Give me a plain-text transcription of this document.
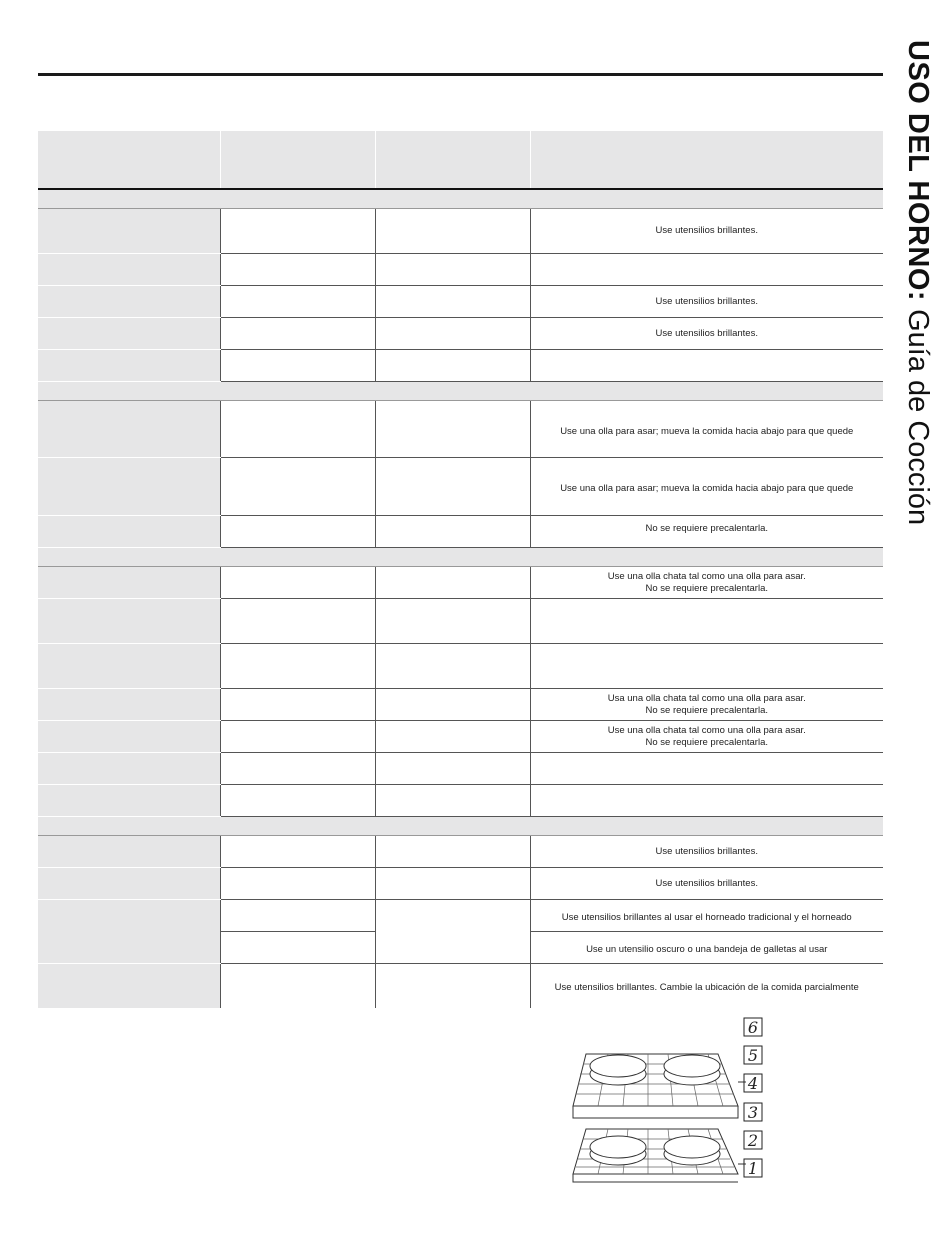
USO DEL HORNO: Guía de Cocción

			Use utensilios brillantes.

			Use utensilios brillantes.
			Use utensilios brillantes.

			Use una olla para asar; mueva la comida hacia abajo para que quede
			Use una olla para asar; mueva la comida hacia abajo para que quede
			No se requiere precalentarla.

			Use una olla chata tal como una olla para asar.
No se requiere precalentarla.

			Usa una olla chata tal como una olla para asar.
No se requiere precalentarla.
			Use una olla chata tal como una olla para asar.
No se requiere precalentarla.

			Use utensilios brillantes.
			Use utensilios brillantes.
			Use utensilios brillantes al usar el horneado tradicional y el horneado
			Use un utensilio oscuro o una bandeja de galletas al usar
			Use utensilios brillantes. Cambie la ubicación de la comida parcialmente
6
5
4
3
2
1
